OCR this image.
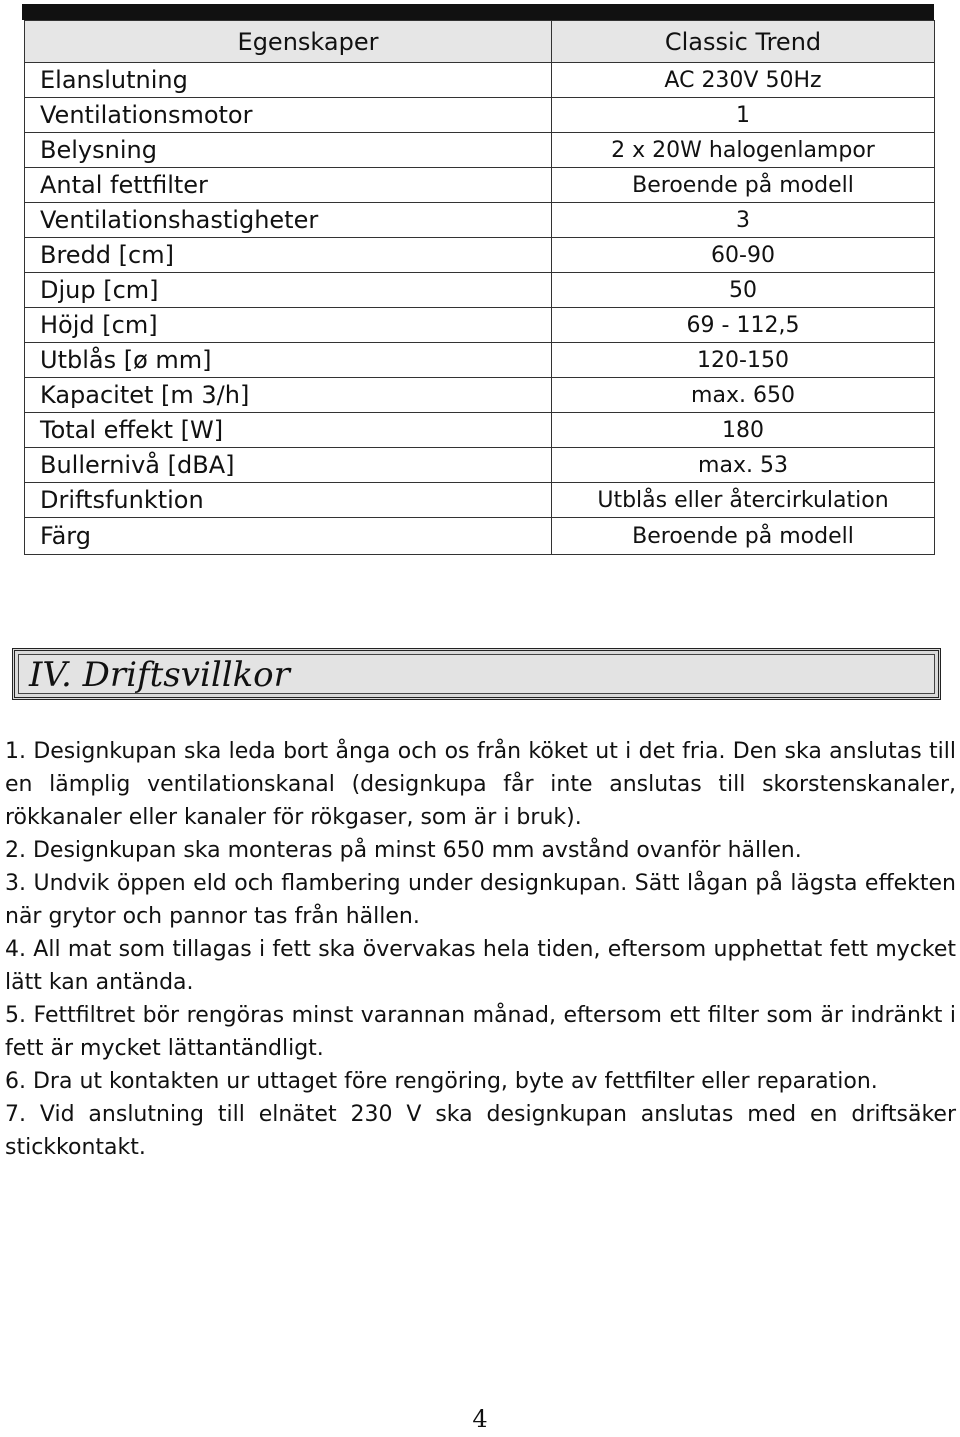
Egenskaper	Classic Trend
Elanslutning	AC 230V 50Hz
Ventilationsmotor	1
Belysning	2 x 20W halogenlampor
Antal fettfilter	Beroende på modell
Ventilationshastigheter	3
Bredd [cm]	60-90
Djup [cm]	50
Höjd [cm]	69 - 112,5
Utblås [ø mm]	120-150
Kapacitet [m 3/h]	max. 650
Total effekt [W]	180
Bullernivå [dBA]	max. 53
Driftsfunktion	Utblås eller återcirkulation
Färg	Beroende på modell
IV. Driftsvillkor

1. Designkupan ska leda bort ånga och os från köket ut i det fria. Den ska anslutas till en lämplig ventilationskanal (designkupa får inte anslutas till skorstenskanaler, rökkanaler eller kanaler för rökgaser, som är i bruk).

2. Designkupan ska monteras på minst 650 mm avstånd ovanför hällen.

3. Undvik öppen eld och flambering under designkupan. Sätt lågan på lägsta effekten när grytor och pannor tas från hällen.

4. All mat som tillagas i fett ska övervakas hela tiden, eftersom upphettat fett mycket lätt kan antända.

5. Fettfiltret bör rengöras minst varannan månad, eftersom ett filter som är indränkt i fett är mycket lättantändligt.

6. Dra ut kontakten ur uttaget före rengöring, byte av fettfilter eller reparation.

7. Vid anslutning till elnätet 230 V ska designkupan anslutas med en driftsäker stickkontakt.

4
